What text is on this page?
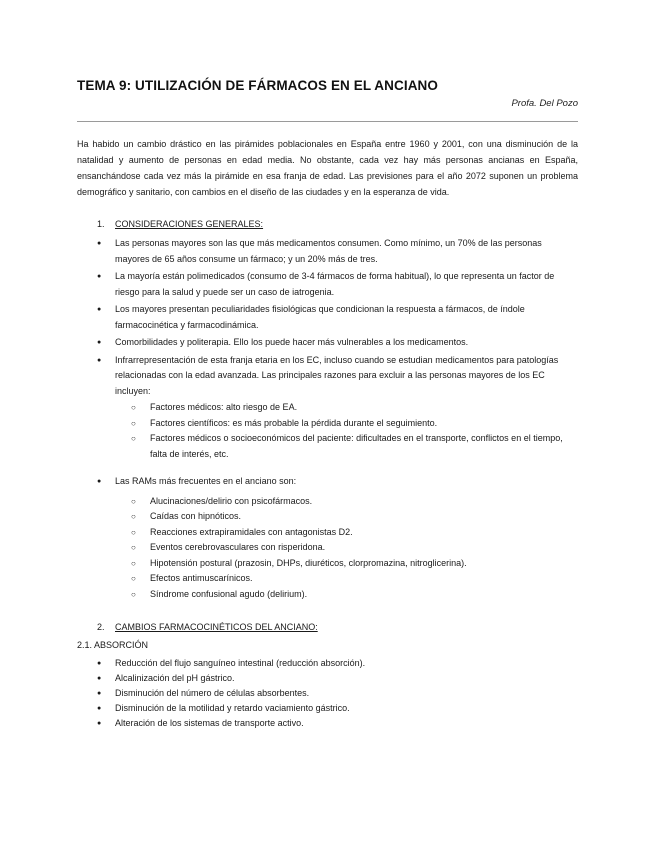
TEMA 9: UTILIZACIÓN DE FÁRMACOS EN EL ANCIANO
Profa. Del Pozo

Ha habido un cambio drástico en las pirámides poblacionales en España entre 1960 y 2001, con una disminución de la natalidad y aumento de personas en edad media. No obstante, cada vez hay más personas ancianas en España, ensanchándose cada vez más la pirámide en esa franja de edad. Las previsiones para el año 2072 suponen un problema demográfico y sanitario, con cambios en el diseño de las ciudades y en la esperanza de vida.

1. CONSIDERACIONES GENERALES:
● Las personas mayores son las que más medicamentos consumen. Como mínimo, un 70% de las personas mayores de 65 años consume un fármaco; y un 20% más de tres.
● La mayoría están polimedicados (consumo de 3-4 fármacos de forma habitual), lo que representa un factor de riesgo para la salud y puede ser un caso de iatrogenia.
● Los mayores presentan peculiaridades fisiológicas que condicionan la respuesta a fármacos, de índole farmacocinética y farmacodinámica.
● Comorbilidades y politerapia. Ello los puede hacer más vulnerables a los medicamentos.
● Infrarrepresentación de esta franja etaria en los EC, incluso cuando se estudian medicamentos para patologías relacionadas con la edad avanzada. Las principales razones para excluir a las personas mayores de los EC incluyen:
○ Factores médicos: alto riesgo de EA.
○ Factores científicos: es más probable la pérdida durante el seguimiento.
○ Factores médicos o socioeconómicos del paciente: dificultades en el transporte, conflictos en el tiempo, falta de interés, etc.
● Las RAMs más frecuentes en el anciano son:
○ Alucinaciones/delirio con psicofármacos.
○ Caídas con hipnóticos.
○ Reacciones extrapiramidales con antagonistas D2.
○ Eventos cerebrovasculares con risperidona.
○ Hipotensión postural (prazosin, DHPs, diuréticos, clorpromazina, nitroglicerina).
○ Efectos antimuscarínicos.
○ Síndrome confusional agudo (delirium).
2. CAMBIOS FARMACOCINÉTICOS DEL ANCIANO:
2.1. ABSORCIÓN
● Reducción del flujo sanguíneo intestinal (reducción absorción).
● Alcalinización del pH gástrico.
● Disminución del número de células absorbentes.
● Disminución de la motilidad y retardo vaciamiento gástrico.
● Alteración de los sistemas de transporte activo.
